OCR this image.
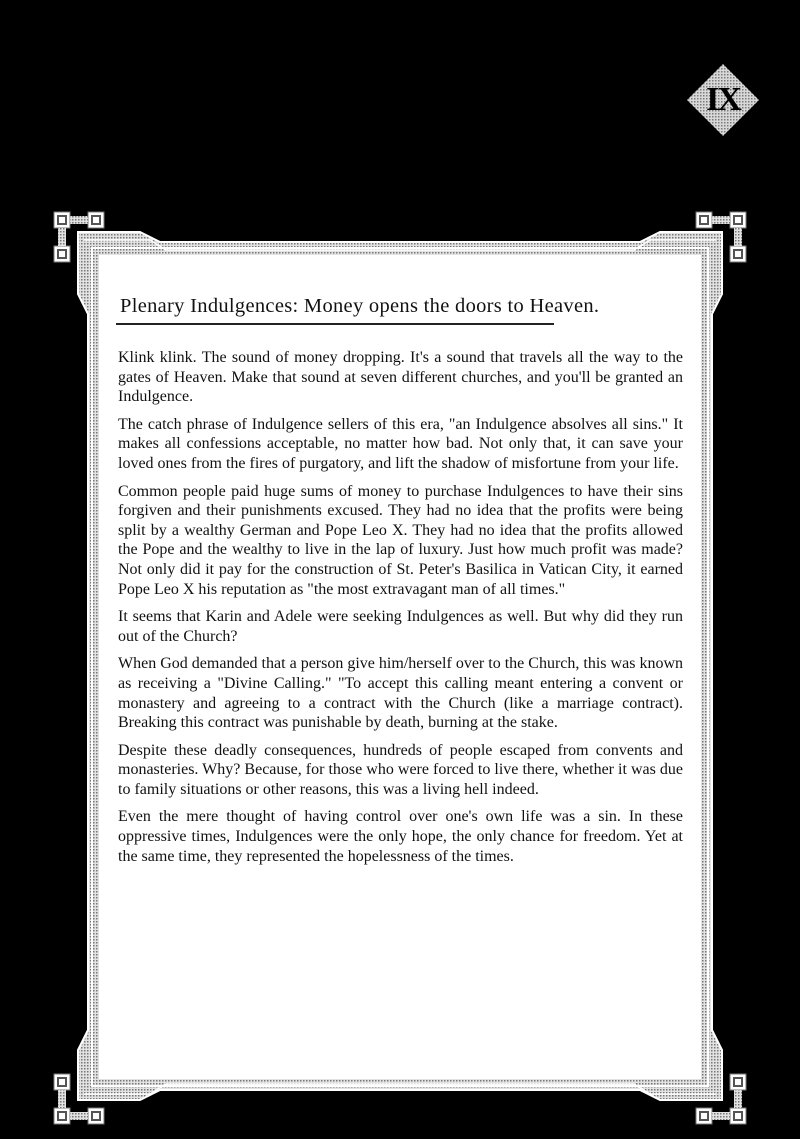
IX
Plenary Indulgences: Money opens the doors to Heaven.

Klink klink. The sound of money dropping. It's a sound that travels all the way to the gates of Heaven. Make that sound at seven different churches, and you'll be granted an Indulgence.

The catch phrase of Indulgence sellers of this era, "an Indulgence absolves all sins." It makes all confessions acceptable, no matter how bad. Not only that, it can save your loved ones from the fires of purgatory, and lift the shadow of misfortune from your life.

Common people paid huge sums of money to purchase Indulgences to have their sins forgiven and their punishments excused. They had no idea that the profits were being split by a wealthy German and Pope Leo X. They had no idea that the profits allowed the Pope and the wealthy to live in the lap of luxury. Just how much profit was made? Not only did it pay for the construction of St. Peter's Basilica in Vatican City, it earned Pope Leo X his reputation as "the most extravagant man of all times."

It seems that Karin and Adele were seeking Indulgences as well. But why did they run out of the Church?

When God demanded that a person give him/herself over to the Church, this was known as receiving a "Divine Calling." "To accept this calling meant entering a convent or monastery and agreeing to a contract with the Church (like a marriage contract). Breaking this contract was punishable by death, burning at the stake.

Despite these deadly consequences, hundreds of people escaped from convents and monasteries. Why? Because, for those who were forced to live there, whether it was due to family situations or other reasons, this was a living hell indeed.

Even the mere thought of having control over one's own life was a sin. In these oppressive times, Indulgences were the only hope, the only chance for freedom. Yet at the same time, they represented the hopelessness of the times.
